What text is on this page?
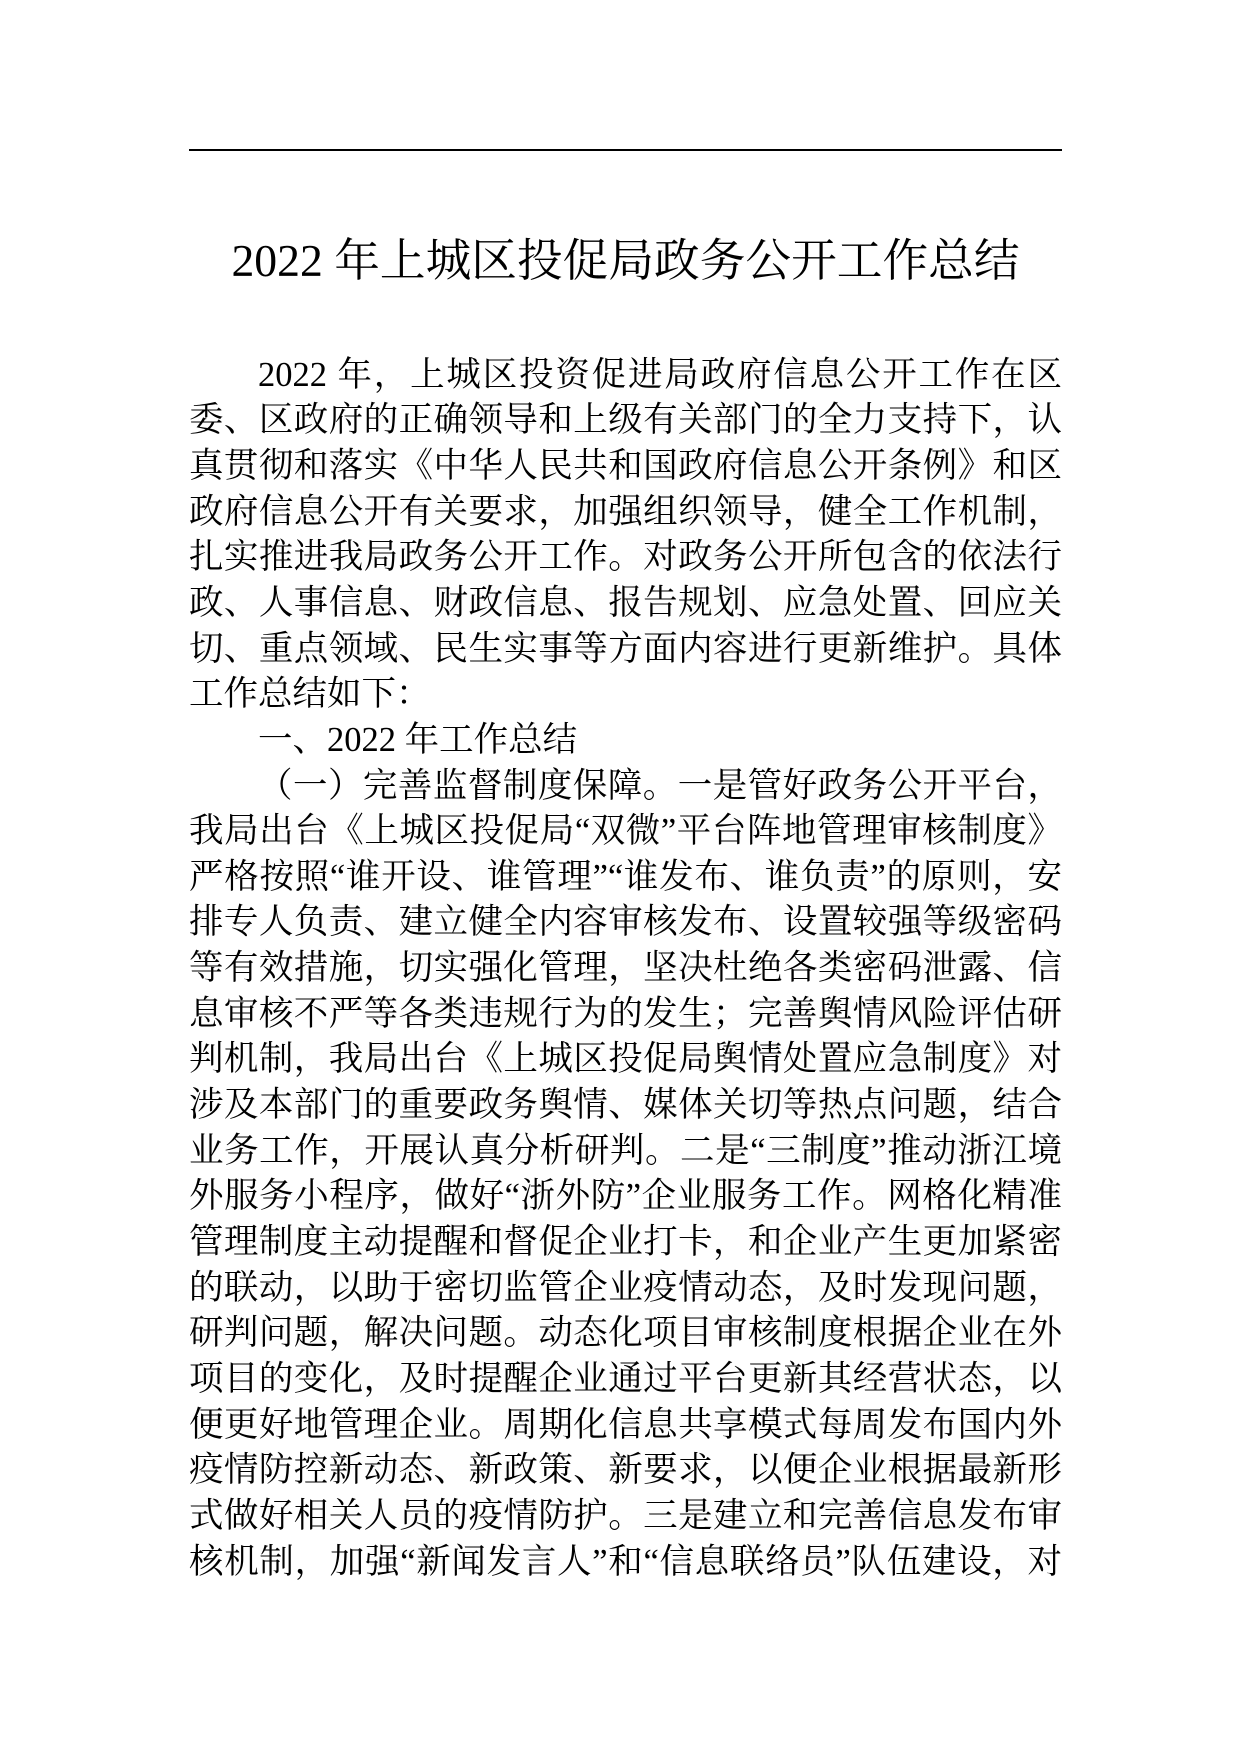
2022 年上城区投促局政务公开工作总结
2022 年，上城区投资促进局政府信息公开工作在区
委、区政府的正确领导和上级有关部门的全力支持下，认
真贯彻和落实《中华人民共和国政府信息公开条例》和区
政府信息公开有关要求，加强组织领导，健全工作机制，
扎实推进我局政务公开工作。对政务公开所包含的依法行
政、人事信息、财政信息、报告规划、应急处置、回应关
切、重点领域、民生实事等方面内容进行更新维护。具体
工作总结如下：
一、2022 年工作总结
（一）完善监督制度保障。一是管好政务公开平台，
我局出台《上城区投促局“双微”平台阵地管理审核制度》
严格按照“谁开设、谁管理”“谁发布、谁负责”的原则，安
排专人负责、建立健全内容审核发布、设置较强等级密码
等有效措施，切实强化管理，坚决杜绝各类密码泄露、信
息审核不严等各类违规行为的发生；完善舆情风险评估研
判机制，我局出台《上城区投促局舆情处置应急制度》对
涉及本部门的重要政务舆情、媒体关切等热点问题，结合
业务工作，开展认真分析研判。二是“三制度”推动浙江境
外服务小程序，做好“浙外防”企业服务工作。网格化精准
管理制度主动提醒和督促企业打卡，和企业产生更加紧密
的联动，以助于密切监管企业疫情动态，及时发现问题，
研判问题，解决问题。动态化项目审核制度根据企业在外
项目的变化，及时提醒企业通过平台更新其经营状态，以
便更好地管理企业。周期化信息共享模式每周发布国内外
疫情防控新动态、新政策、新要求，以便企业根据最新形
式做好相关人员的疫情防护。三是建立和完善信息发布审
核机制，加强“新闻发言人”和“信息联络员”队伍建设，对
